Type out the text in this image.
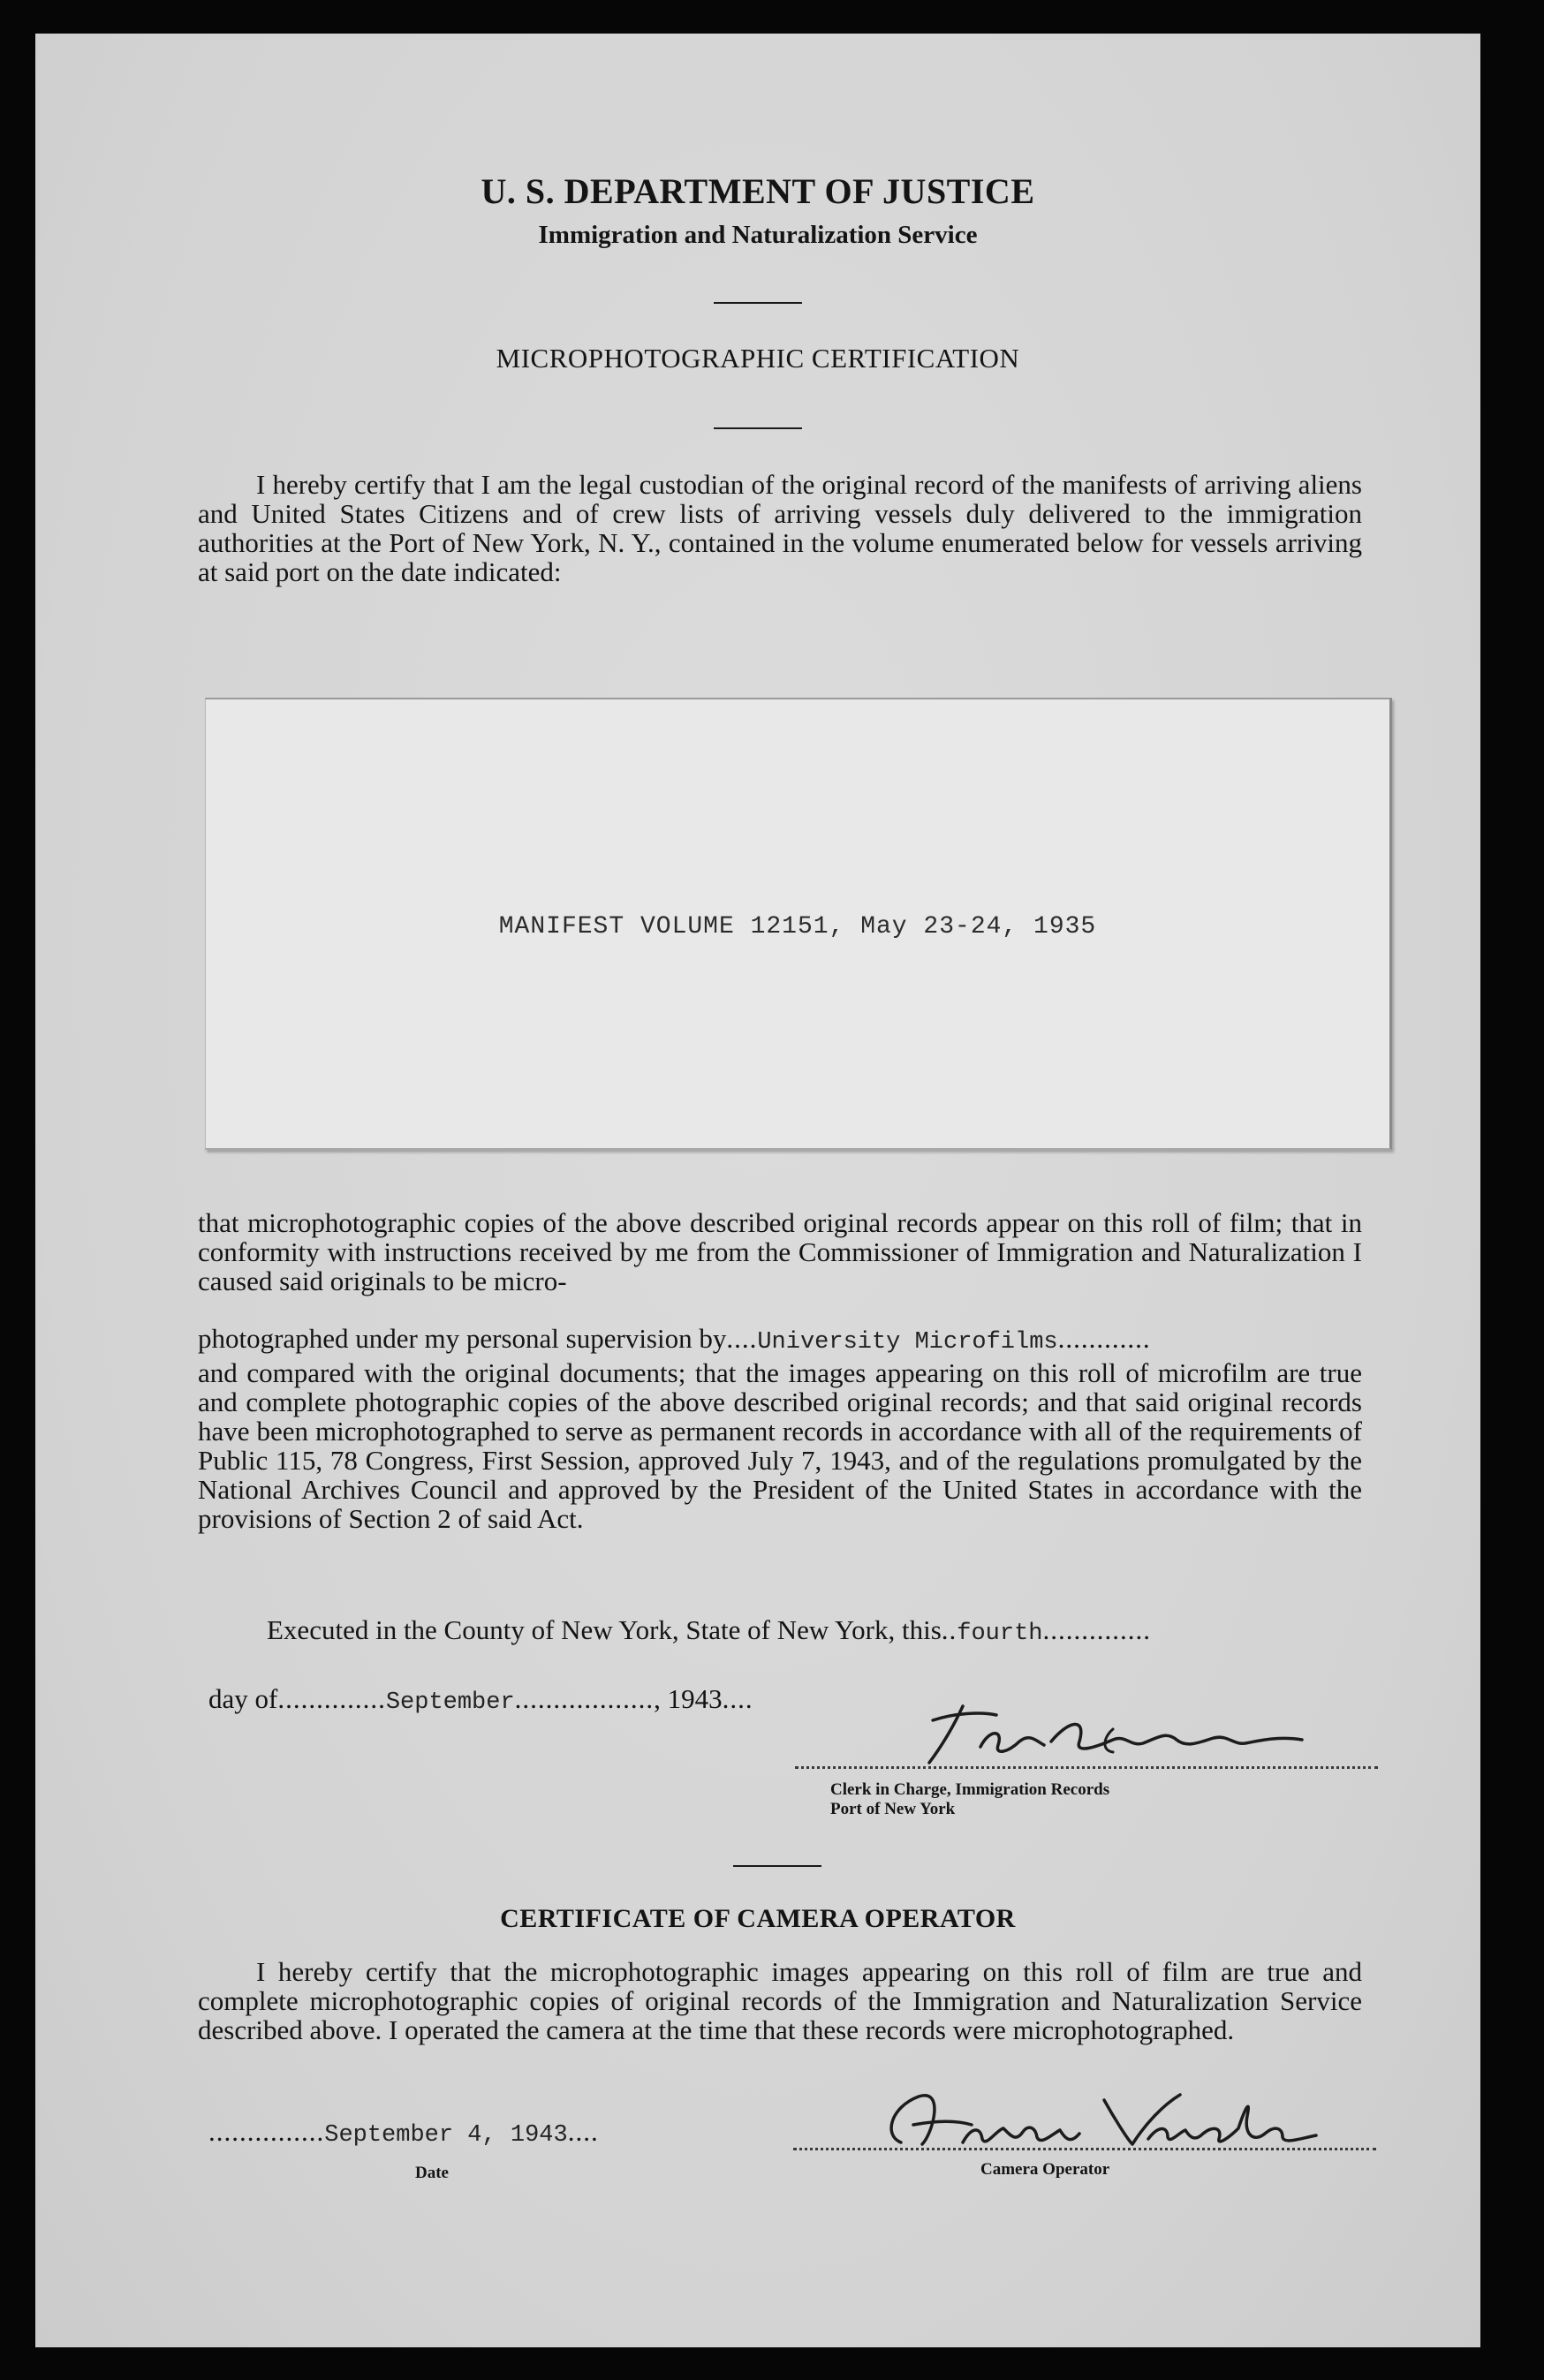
U. S. DEPARTMENT OF JUSTICE
Immigration and Naturalization Service
MICROPHOTOGRAPHIC CERTIFICATION
I hereby certify that I am the legal custodian of the original record of the manifests of arriving aliens and United States Citizens and of crew lists of arriving vessels duly delivered to the immigration authorities at the Port of New York, N. Y., contained in the volume enumerated below for vessels arriving at said port on the date indicated:
MANIFEST VOLUME 12151, May 23-24, 1935
that microphotographic copies of the above described original records appear on this roll of film; that in conformity with instructions received by me from the Commissioner of Immigration and Naturalization I caused said originals to be micro-
photographed under my personal supervision by....University Microfilms............
and compared with the original documents; that the images appearing on this roll of microfilm are true and complete photographic copies of the above described original records; and that said original records have been microphotographed to serve as permanent records in accordance with all of the requirements of Public 115, 78 Congress, First Session, approved July 7, 1943, and of the regulations promulgated by the National Archives Council and approved by the President of the United States in accordance with the provisions of Section 2 of said Act.
Executed in the County of New York, State of New York, this..fourth..............
day of..............September.................., 1943....
Clerk in Charge, Immigration Records
Port of New York
CERTIFICATE OF CAMERA OPERATOR
I hereby certify that the microphotographic images appearing on this roll of film are true and complete microphotographic copies of original records of the Immigration and Naturalization Service described above. I operated the camera at the time that these records were microphotographed.
...............September 4, 1943....
Date	Camera Operator
